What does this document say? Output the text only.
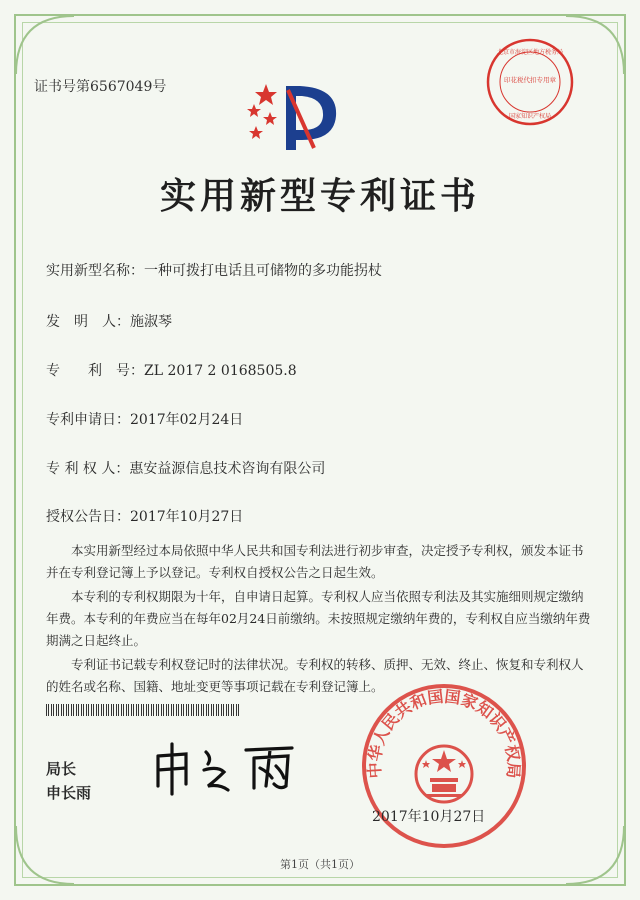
证书号第6567049号
北京市海淀区地方税务局
印花税代扣专用章
国家知识产权局
实用新型专利证书
实用新型名称：一种可拨打电话且可储物的多功能拐杖
发　明　人：施淑琴
专　　利　号：ZL 2017 2 0168505.8
专利申请日：2017年02月24日
专 利 权 人：惠安益源信息技术咨询有限公司
授权公告日：2017年10月27日

本实用新型经过本局依照中华人民共和国专利法进行初步审查，决定授予专利权，颁发本证书并在专利登记簿上予以登记。专利权自授权公告之日起生效。

本专利的专利权期限为十年，自申请日起算。专利权人应当依照专利法及其实施细则规定缴纳年费。本专利的年费应当在每年02月24日前缴纳。未按照规定缴纳年费的，专利权自应当缴纳年费期满之日起终止。

专利证书记载专利权登记时的法律状况。专利权的转移、质押、无效、终止、恢复和专利权人的姓名或名称、国籍、地址变更等事项记载在专利登记簿上。

局长
申长雨
中华人民共和国国家知识产权局
2017年10月27日
第1页（共1页）
